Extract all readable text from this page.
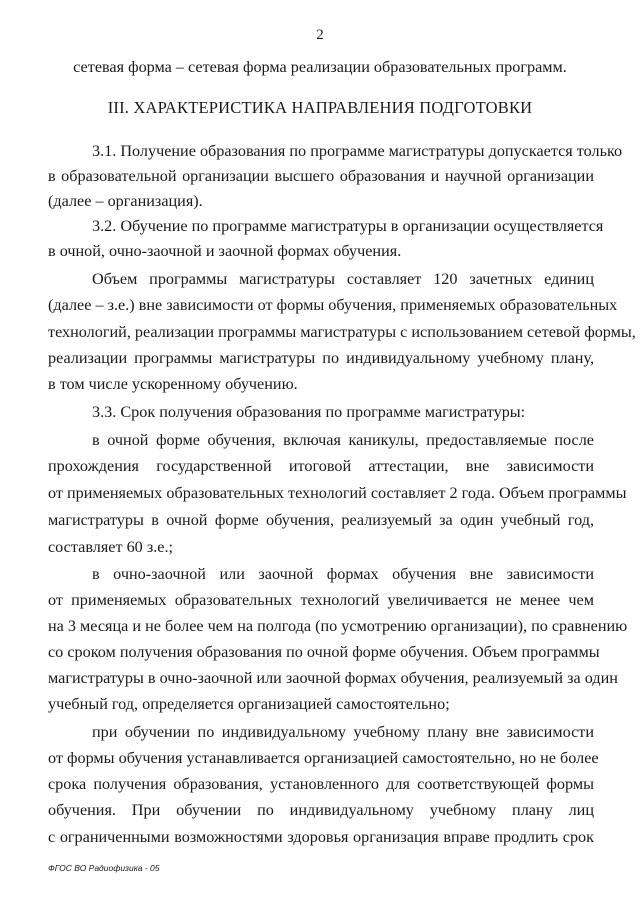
2
сетевая форма – сетевая форма реализации образовательных программ.
III. ХАРАКТЕРИСТИКА НАПРАВЛЕНИЯ ПОДГОТОВКИ
3.1. Получение образования по программе магистратуры допускается только
в образовательной организации высшего образования и научной организации
(далее – организация).
3.2. Обучение по программе магистратуры в организации осуществляется
в очной, очно-заочной и заочной формах обучения.
Объем программы магистратуры составляет 120 зачетных единиц
(далее – з.е.) вне зависимости от формы обучения, применяемых образовательных
технологий, реализации программы магистратуры с использованием сетевой формы,
реализации программы магистратуры по индивидуальному учебному плану,
в том числе ускоренному обучению.
3.3. Срок получения образования по программе магистратуры:
в очной форме обучения, включая каникулы, предоставляемые после
прохождения государственной итоговой аттестации, вне зависимости
от применяемых образовательных технологий составляет 2 года. Объем программы
магистратуры в очной форме обучения, реализуемый за один учебный год,
составляет 60 з.е.;
в очно-заочной или заочной формах обучения вне зависимости
от применяемых образовательных технологий увеличивается не менее чем
на 3 месяца и не более чем на полгода (по усмотрению организации), по сравнению
со сроком получения образования по очной форме обучения. Объем программы
магистратуры в очно-заочной или заочной формах обучения, реализуемый за один
учебный год, определяется организацией самостоятельно;
при обучении по индивидуальному учебному плану вне зависимости
от формы обучения устанавливается организацией самостоятельно, но не более
срока получения образования, установленного для соответствующей формы
обучения. При обучении по индивидуальному учебному плану лиц
с ограниченными возможностями здоровья организация вправе продлить срок
ФГОС ВО Радиофизика - 05
